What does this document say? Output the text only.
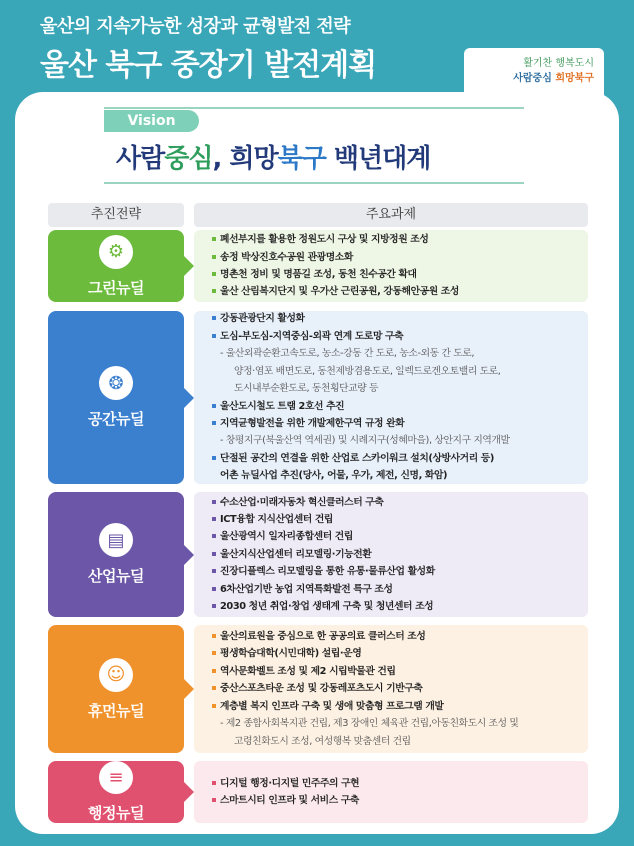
울산의 지속가능한 성장과 균형발전 전략
울산 북구 중장기 발전계획	활기찬 행복도시
사람중심 희망북구
Vision
사람중심, 희망북구 백년대계
추진전략	주요과제
⚙
그린뉴딜
폐선부지를 활용한 정원도시 구상 및 지방정원 조성
송정 박상진호수공원 관광명소화
명촌천 정비 및 명품길 조성, 동천 친수공간 확대
울산 산림복지단지 및 우가산 근린공원, 강동해안공원 조성
❂
공간뉴딜
강동관광단지 활성화
도심-부도심-지역중심-외곽 연계 도로망 구축
- 울산외곽순환고속도로, 농소-강동 간 도로, 농소-외동 간 도로,
양정·염포 배면도로, 동천제방겸용도로, 일렉드로겐오토밸리 도로,
도시내부순환도로, 동천횡단교량 등
울산도시철도 트램 2호선 추진
지역균형발전을 위한 개발제한구역 규정 완화
- 창평지구(북울산역 역세권) 및 시례지구(성혜마을), 상안지구 지역개발
단절된 공간의 연결을 위한 산업로 스카이워크 설치(상방사거리 등)
어촌 뉴딜사업 추진(당사, 어물, 우가, 제전, 신명, 화암)
▤
산업뉴딜
수소산업·미래자동차 혁신클러스터 구축
ICT융합 지식산업센터 건립
울산광역시 일자리종합센터 건립
울산지식산업센터 리모델링·기능전환
진장디플렉스 리모델링을 통한 유통·물류산업 활성화
6차산업기반 농업 지역특화발전 특구 조성
2030 청년 취업·창업 생태계 구축 및 청년센터 조성
☺
휴먼뉴딜
울산의료원을 중심으로 한 공공의료 클러스터 조성
평생학습대학(시민대학) 설립·운영
역사문화벨트 조성 및 제2 시립박물관 건립
중산스포츠타운 조성 및 강동레포츠도시 기반구축
계층별 복지 인프라 구축 및 생애 맞춤형 프로그램 개발
- 제2 종합사회복지관 건립, 제3 장애인 체육관 건립,아동친화도시 조성 및
고령친화도시 조성, 여성행복 맞춤센터 건립
≡
행정뉴딜
디지털 행정·디지털 민주주의 구현
스마트시티 인프라 및 서비스 구축
